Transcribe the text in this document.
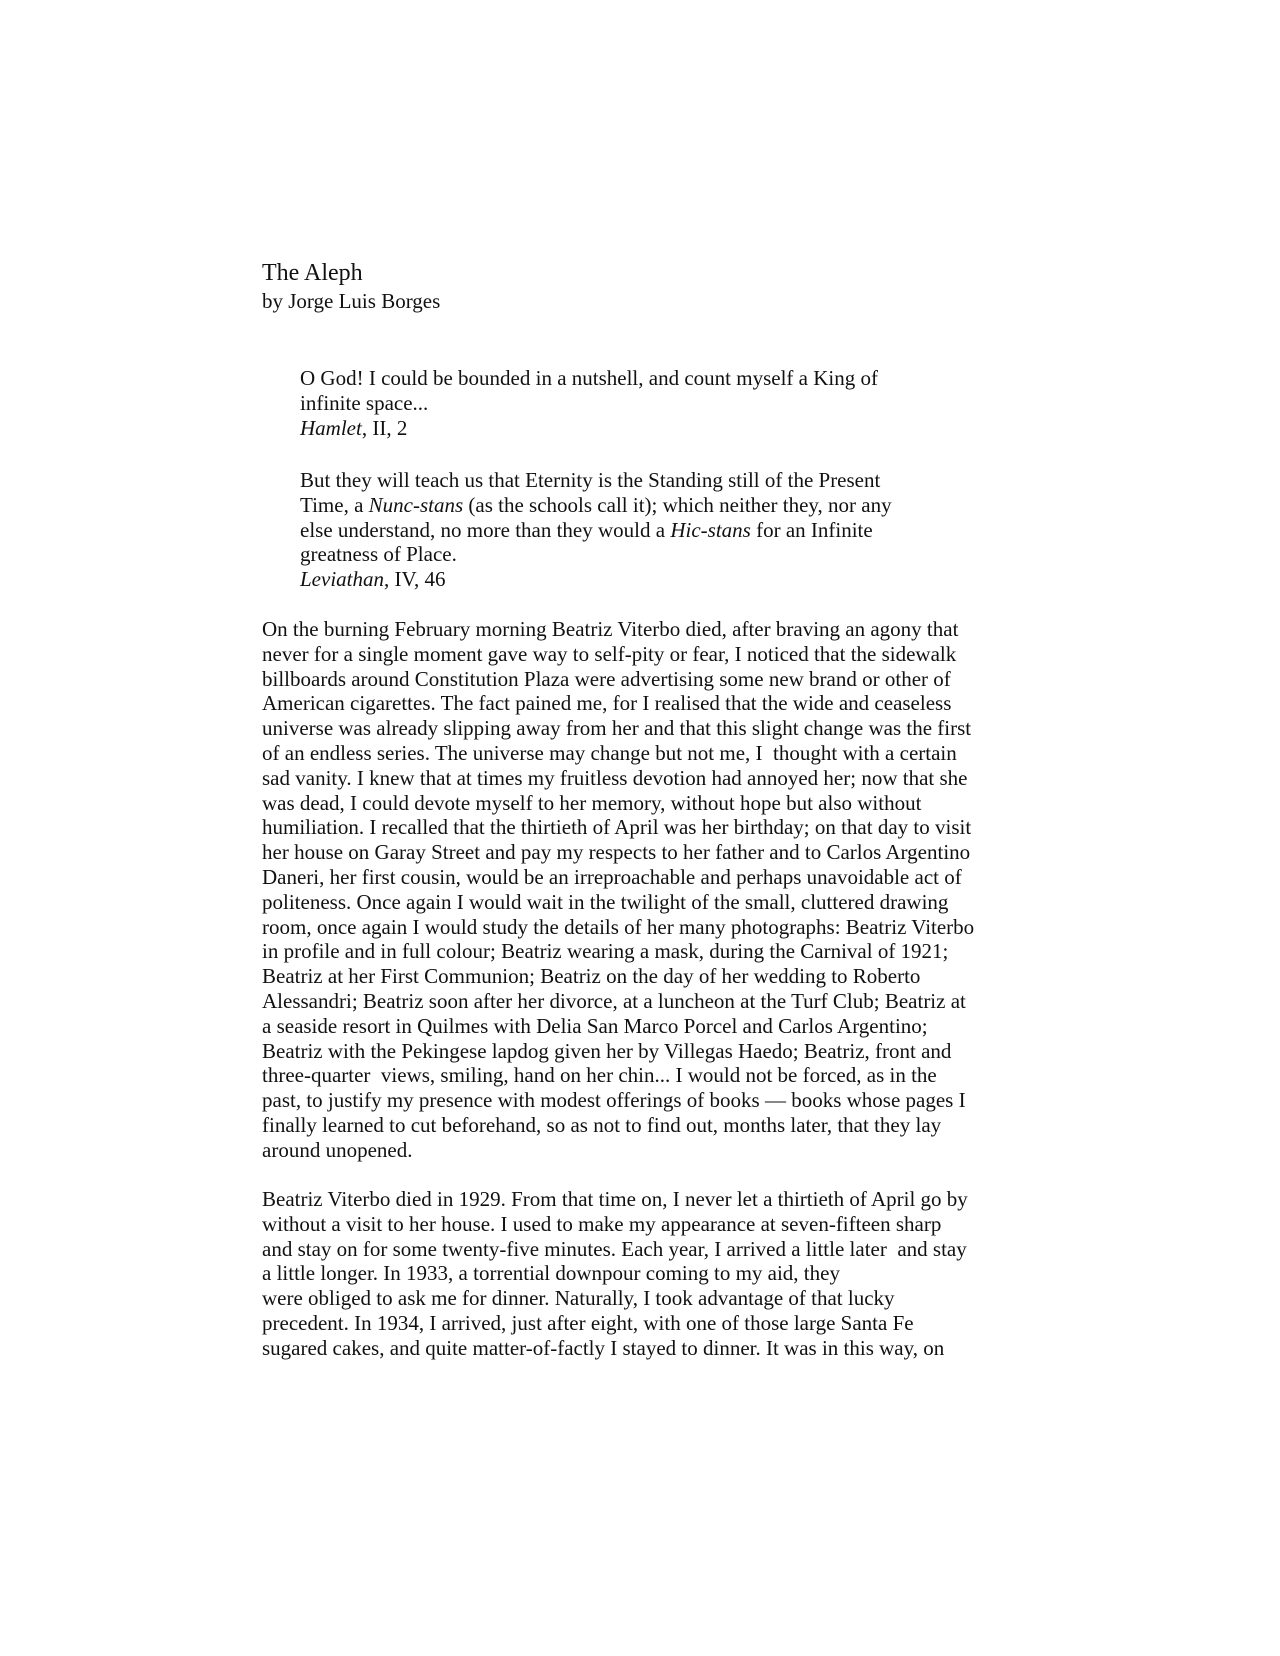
The Aleph
by Jorge Luis Borges
O God! I could be bounded in a nutshell, and count myself a King of
infinite space...
Hamlet, II, 2
But they will teach us that Eternity is the Standing still of the Present
Time, a Nunc-stans (as the schools call it); which neither they, nor any
else understand, no more than they would a Hic-stans for an Infinite
greatness of Place.
Leviathan, IV, 46
On the burning February morning Beatriz Viterbo died, after braving an agony that
never for a single moment gave way to self-pity or fear, I noticed that the sidewalk
billboards around Constitution Plaza were advertising some new brand or other of
American cigarettes. The fact pained me, for I realised that the wide and ceaseless
universe was already slipping away from her and that this slight change was the first
of an endless series. The universe may change but not me, I  thought with a certain
sad vanity. I knew that at times my fruitless devotion had annoyed her; now that she
was dead, I could devote myself to her memory, without hope but also without
humiliation. I recalled that the thirtieth of April was her birthday; on that day to visit
her house on Garay Street and pay my respects to her father and to Carlos Argentino
Daneri, her first cousin, would be an irreproachable and perhaps unavoidable act of
politeness. Once again I would wait in the twilight of the small, cluttered drawing
room, once again I would study the details of her many photographs: Beatriz Viterbo
in profile and in full colour; Beatriz wearing a mask, during the Carnival of 1921;
Beatriz at her First Communion; Beatriz on the day of her wedding to Roberto
Alessandri; Beatriz soon after her divorce, at a luncheon at the Turf Club; Beatriz at
a seaside resort in Quilmes with Delia San Marco Porcel and Carlos Argentino;
Beatriz with the Pekingese lapdog given her by Villegas Haedo; Beatriz, front and
three-quarter  views, smiling, hand on her chin... I would not be forced, as in the
past, to justify my presence with modest offerings of books — books whose pages I
finally learned to cut beforehand, so as not to find out, months later, that they lay
around unopened.
Beatriz Viterbo died in 1929. From that time on, I never let a thirtieth of April go by
without a visit to her house. I used to make my appearance at seven-fifteen sharp
and stay on for some twenty-five minutes. Each year, I arrived a little later  and stay
a little longer. In 1933, a torrential downpour coming to my aid, they
were obliged to ask me for dinner. Naturally, I took advantage of that lucky
precedent. In 1934, I arrived, just after eight, with one of those large Santa Fe
sugared cakes, and quite matter-of-factly I stayed to dinner. It was in this way, on
